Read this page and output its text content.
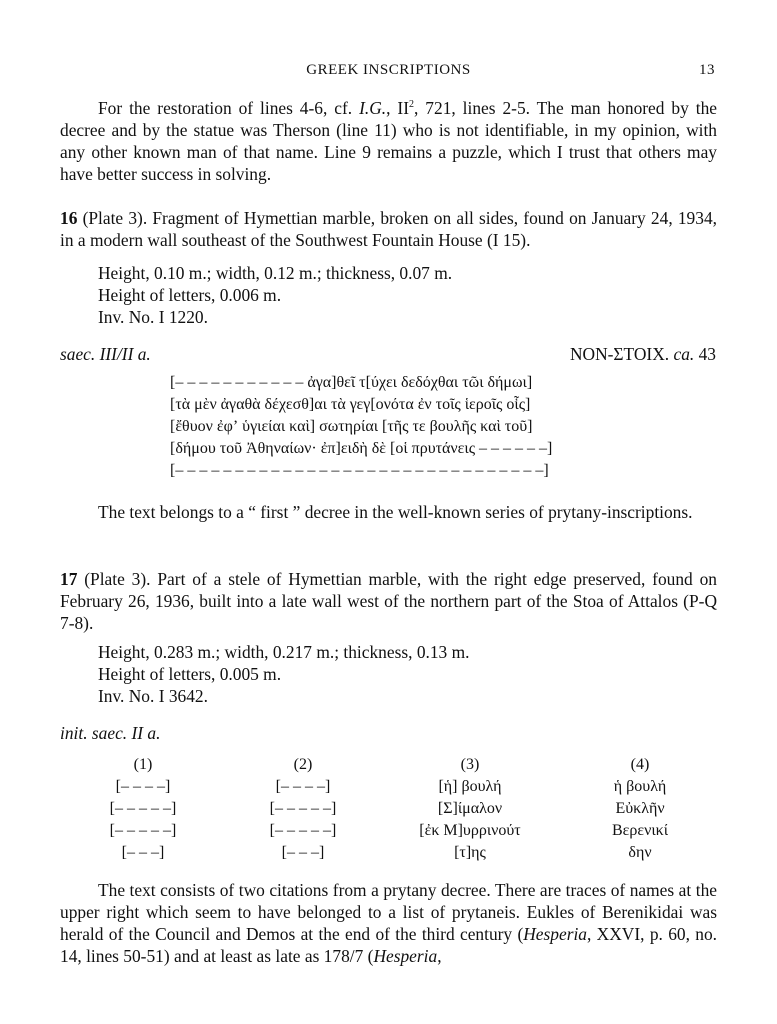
GREEK INSCRIPTIONS	13
For the restoration of lines 4-6, cf. I.G., $II^2$, 721, lines 2-5. The man honored by the decree and by the statue was Therson (line 11) who is not identifiable, in my opinion, with any other known man of that name. Line 9 remains a puzzle, which I trust that others may have better success in solving.
16 (Plate 3). Fragment of Hymettian marble, broken on all sides, found on January 24, 1934, in a modern wall southeast of the Southwest Fountain House (I 15).
Height, 0.10 m.; width, 0.12 m.; thickness, 0.07 m.
Height of letters, 0.006 m.
Inv. No. I 1220.
saec. III/II a.	NON-ΣΤΟΙΧ. ca. 43
[– – – – – – – – – – – ἀγα]θεῖ τ[ύχει δεδόχθαι τῶι δήμωι]
[τὰ μὲν ἀγαθὰ δέχεσθ]αι τὰ γεγ[ονότα ἐν τοῖς ἱεροῖς οἷς]
[ἔθυον ἐφʼ ὑγιείαι καὶ] σωτηρίαι [τῆς τε βουλῆς καὶ τοῦ]
[δήμου τοῦ Ἀθηναίων· ἐπ]ειδὴ δὲ [οἱ πρυτάνεις – – – – – –]
[– – – – – – – – – – – – – – – – – – – – – – – – – – – – – – –]
The text belongs to a “ first ” decree in the well-known series of prytany-inscriptions.
17 (Plate 3). Part of a stele of Hymettian marble, with the right edge preserved, found on February 26, 1936, built into a late wall west of the northern part of the Stoa of Attalos (P-Q 7-8).
Height, 0.283 m.; width, 0.217 m.; thickness, 0.13 m.
Height of letters, 0.005 m.
Inv. No. I 3642.
init. saec. II a.
(1)
[– – – –]
[– – – – –]
[– – – – –]
[– – –]
(2)
[– – – –]
[– – – – –]
[– – – – –]
[– – –]
(3)
[ἡ] βουλή
[Σ]ίμαλον
[ἐκ Μ]υρρινούτ
[τ]ης
(4)
ἡ βουλή
Εὐκλῆν
Βερενικί
δην
The text consists of two citations from a prytany decree. There are traces of names at the upper right which seem to have belonged to a list of prytaneis. Eukles of Berenikidai was herald of the Council and Demos at the end of the third century (Hesperia, XXVI, p. 60, no. 14, lines 50-51) and at least as late as 178/7 (Hesperia,
